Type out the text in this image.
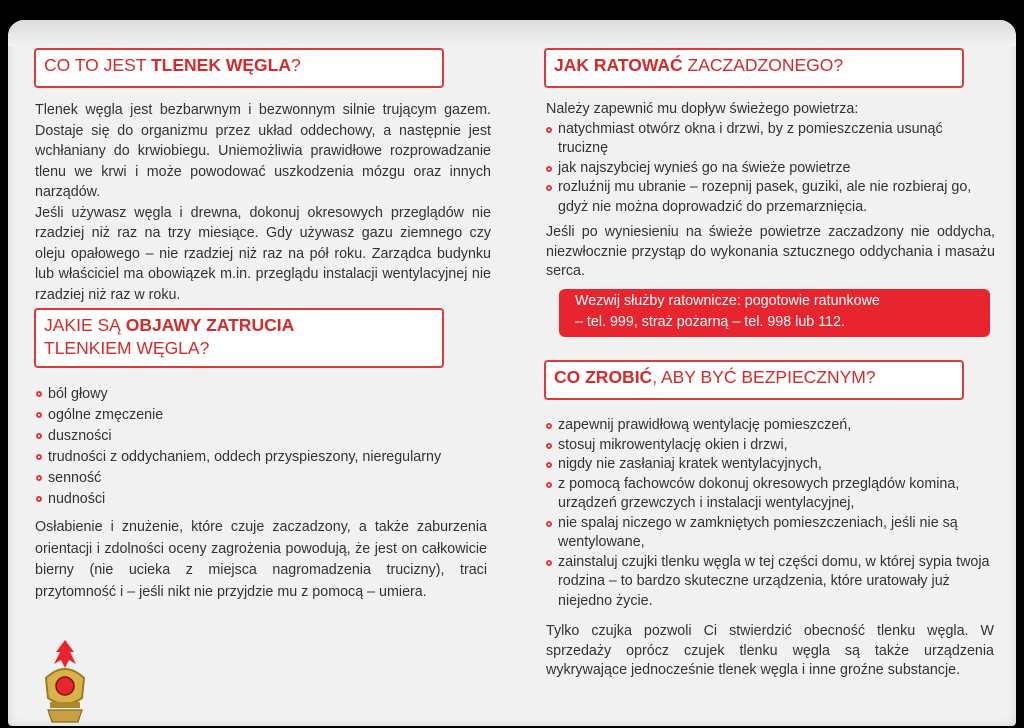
CO TO JEST TLENEK WĘGLA?
Tlenek węgla jest bezbarwnym i bezwonnym silnie trującym gazem. Dostaje się do organizmu przez układ oddechowy, a następnie jest wchłaniany do krwiobiegu. Uniemożliwia prawidłowe rozprowadzanie tlenu we krwi i może powodować uszkodzenia mózgu oraz innych narządów.
Jeśli używasz węgla i drewna, dokonuj okresowych przeglądów nie rzadziej niż raz na trzy miesiące. Gdy używasz gazu ziemnego czy oleju opałowego – nie rzadziej niż raz na pół roku. Zarządca budynku lub właściciel ma obowiązek m.in. przeglądu instalacji wentylacyjnej nie rzadziej niż raz w roku.
JAKIE SĄ OBJAWY ZATRUCIA
TLENKIEM WĘGLA?
ból głowy
ogólne zmęczenie
duszności
trudności z oddychaniem, oddech przyspieszony, nieregularny
senność
nudności
Osłabienie i znużenie, które czuje zaczadzony, a także zaburzenia orientacji i zdolności oceny zagrożenia powodują, że jest on całkowicie bierny (nie ucieka z miejsca nagromadzenia trucizny), traci przytomność i – jeśli nikt nie przyjdzie mu z pomocą – umiera.
JAK RATOWAĆ ZACZADZONEGO?
Należy zapewnić mu dopływ świeżego powietrza:
natychmiast otwórz okna i drzwi, by z pomieszczenia usunąć truciznę
jak najszybciej wynieś go na świeże powietrze
rozluźnij mu ubranie – rozepnij pasek, guziki, ale nie rozbieraj go, gdyż nie można doprowadzić do przemarznięcia.
Jeśli po wyniesieniu na świeże powietrze zaczadzony nie oddycha, niezwłocznie przystąp do wykonania sztucznego oddychania i masażu serca.
Wezwij służby ratownicze: pogotowie ratunkowe
– tel. 999, straż pożarną – tel. 998 lub 112.
CO ZROBIĆ, ABY BYĆ BEZPIECZNYM?
zapewnij prawidłową wentylację pomieszczeń,
stosuj mikrowentylację okien i drzwi,
nigdy nie zasłaniaj kratek wentylacyjnych,
z pomocą fachowców dokonuj okresowych przeglądów komina, urządzeń grzewczych i instalacji wentylacyjnej,
nie spalaj niczego w zamkniętych pomieszczeniach, jeśli nie są wentylowane,
zainstaluj czujki tlenku węgla w tej części domu, w której sypia twoja rodzina – to bardzo skuteczne urządzenia, które uratowały już niejedno życie.
Tylko czujka pozwoli Ci stwierdzić obecność tlenku węgla. W sprzedaży oprócz czujek tlenku węgla są także urządzenia wykrywające jednocześnie tlenek węgla i inne groźne substancje.
